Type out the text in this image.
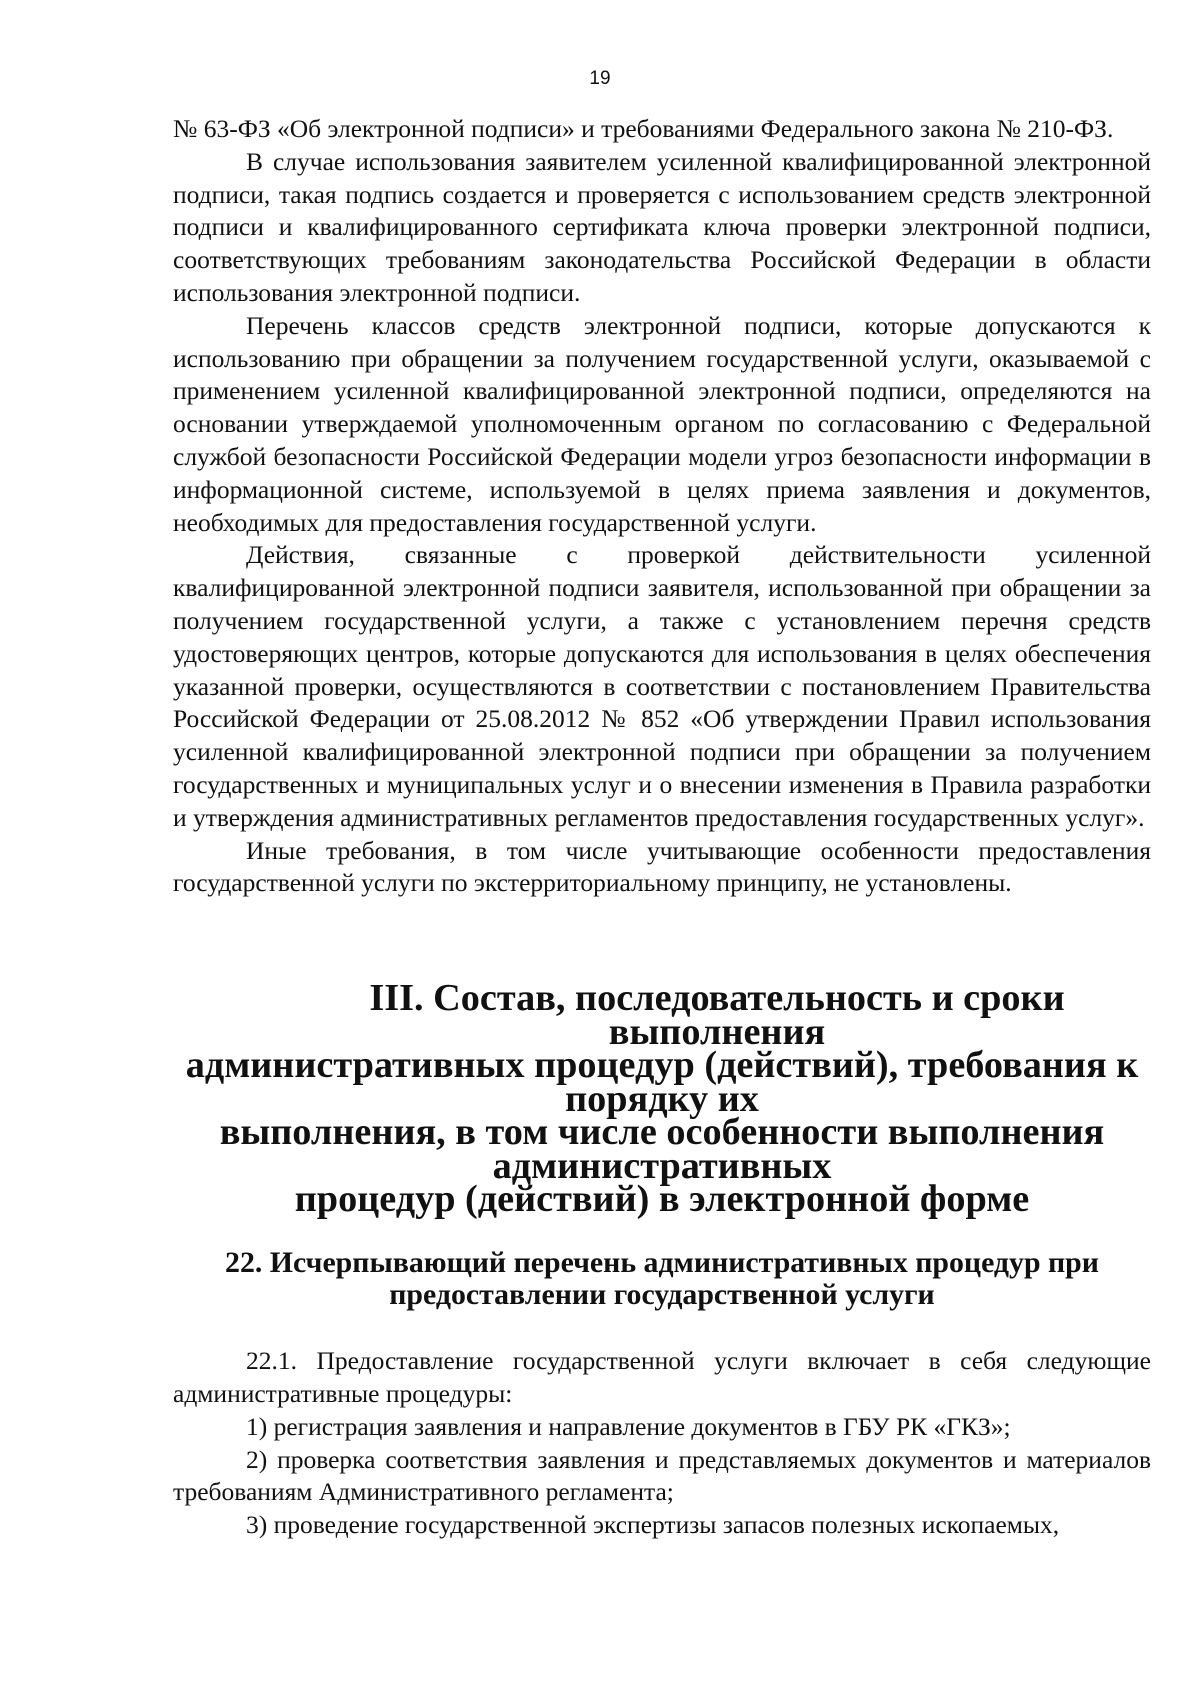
19

№ 63-ФЗ «Об электронной подписи» и требованиями Федерального закона № 210-ФЗ.

В случае использования заявителем усиленной квалифицированной электронной подписи, такая подпись создается и проверяется с использованием средств электронной подписи и квалифицированного сертификата ключа проверки электронной подписи, соответствующих требованиям законодательства Российской Федерации в области использования электронной подписи.

Перечень классов средств электронной подписи, которые допускаются к использованию при обращении за получением государственной услуги, оказываемой с применением усиленной квалифицированной электронной подписи, определяются на основании утверждаемой уполномоченным органом по согласованию с Федеральной службой безопасности Российской Федерации модели угроз безопасности информации в информационной системе, используемой в целях приема заявления и документов, необходимых для предоставления государственной услуги.

Действия, связанные с проверкой действительности усиленной квалифицированной электронной подписи заявителя, использованной при обращении за получением государственной услуги, а также с установлением перечня средств удостоверяющих центров, которые допускаются для использования в целях обеспечения указанной проверки, осуществляются в соответствии с постановлением Правительства Российской Федерации от 25.08.2012 № 852 «Об утверждении Правил использования усиленной квалифицированной электронной подписи при обращении за получением государственных и муниципальных услуг и о внесении изменения в Правила разработки и утверждения административных регламентов предоставления государственных услуг».

Иные требования, в том числе учитывающие особенности предоставления государственной услуги по экстерриториальному принципу, не установлены.

III. Состав, последовательность и сроки выполнения
административных процедур (действий), требования к порядку их
выполнения, в том числе особенности выполнения административных
процедур (действий) в электронной форме
22. Исчерпывающий перечень административных процедур при
предоставлении государственной услуги

22.1. Предоставление государственной услуги включает в себя следующие административные процедуры:

1) регистрация заявления и направление документов в ГБУ РК «ГКЗ»;

2) проверка соответствия заявления и представляемых документов и материалов требованиям Административного регламента;

3) проведение государственной экспертизы запасов полезных ископаемых,
